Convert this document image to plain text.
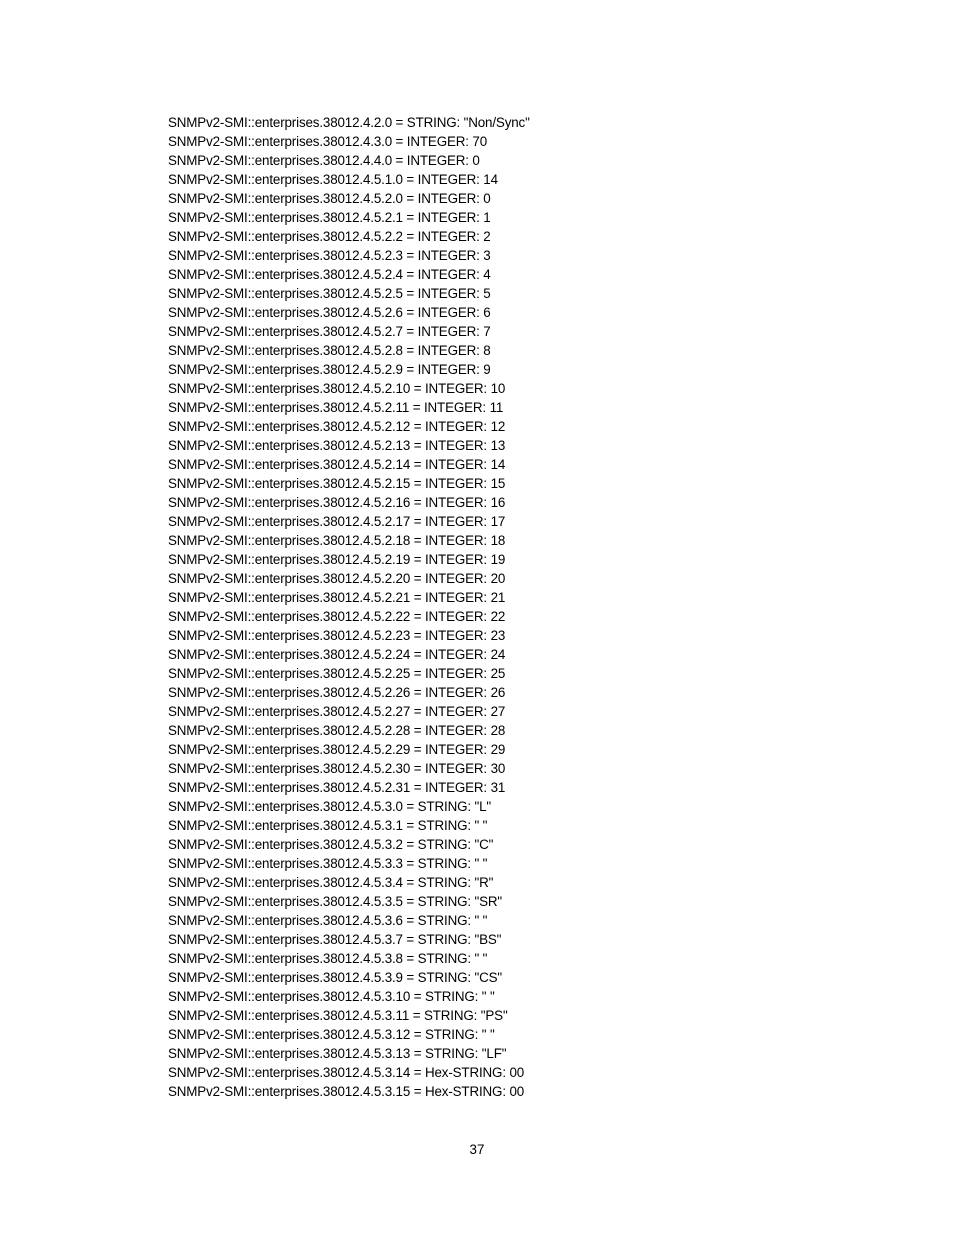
SNMPv2-SMI::enterprises.38012.4.2.0 = STRING: "Non/Sync"
SNMPv2-SMI::enterprises.38012.4.3.0 = INTEGER: 70
SNMPv2-SMI::enterprises.38012.4.4.0 = INTEGER: 0
SNMPv2-SMI::enterprises.38012.4.5.1.0 = INTEGER: 14
SNMPv2-SMI::enterprises.38012.4.5.2.0 = INTEGER: 0
SNMPv2-SMI::enterprises.38012.4.5.2.1 = INTEGER: 1
SNMPv2-SMI::enterprises.38012.4.5.2.2 = INTEGER: 2
SNMPv2-SMI::enterprises.38012.4.5.2.3 = INTEGER: 3
SNMPv2-SMI::enterprises.38012.4.5.2.4 = INTEGER: 4
SNMPv2-SMI::enterprises.38012.4.5.2.5 = INTEGER: 5
SNMPv2-SMI::enterprises.38012.4.5.2.6 = INTEGER: 6
SNMPv2-SMI::enterprises.38012.4.5.2.7 = INTEGER: 7
SNMPv2-SMI::enterprises.38012.4.5.2.8 = INTEGER: 8
SNMPv2-SMI::enterprises.38012.4.5.2.9 = INTEGER: 9
SNMPv2-SMI::enterprises.38012.4.5.2.10 = INTEGER: 10
SNMPv2-SMI::enterprises.38012.4.5.2.11 = INTEGER: 11
SNMPv2-SMI::enterprises.38012.4.5.2.12 = INTEGER: 12
SNMPv2-SMI::enterprises.38012.4.5.2.13 = INTEGER: 13
SNMPv2-SMI::enterprises.38012.4.5.2.14 = INTEGER: 14
SNMPv2-SMI::enterprises.38012.4.5.2.15 = INTEGER: 15
SNMPv2-SMI::enterprises.38012.4.5.2.16 = INTEGER: 16
SNMPv2-SMI::enterprises.38012.4.5.2.17 = INTEGER: 17
SNMPv2-SMI::enterprises.38012.4.5.2.18 = INTEGER: 18
SNMPv2-SMI::enterprises.38012.4.5.2.19 = INTEGER: 19
SNMPv2-SMI::enterprises.38012.4.5.2.20 = INTEGER: 20
SNMPv2-SMI::enterprises.38012.4.5.2.21 = INTEGER: 21
SNMPv2-SMI::enterprises.38012.4.5.2.22 = INTEGER: 22
SNMPv2-SMI::enterprises.38012.4.5.2.23 = INTEGER: 23
SNMPv2-SMI::enterprises.38012.4.5.2.24 = INTEGER: 24
SNMPv2-SMI::enterprises.38012.4.5.2.25 = INTEGER: 25
SNMPv2-SMI::enterprises.38012.4.5.2.26 = INTEGER: 26
SNMPv2-SMI::enterprises.38012.4.5.2.27 = INTEGER: 27
SNMPv2-SMI::enterprises.38012.4.5.2.28 = INTEGER: 28
SNMPv2-SMI::enterprises.38012.4.5.2.29 = INTEGER: 29
SNMPv2-SMI::enterprises.38012.4.5.2.30 = INTEGER: 30
SNMPv2-SMI::enterprises.38012.4.5.2.31 = INTEGER: 31
SNMPv2-SMI::enterprises.38012.4.5.3.0 = STRING: "L"
SNMPv2-SMI::enterprises.38012.4.5.3.1 = STRING: " "
SNMPv2-SMI::enterprises.38012.4.5.3.2 = STRING: "C"
SNMPv2-SMI::enterprises.38012.4.5.3.3 = STRING: " "
SNMPv2-SMI::enterprises.38012.4.5.3.4 = STRING: "R"
SNMPv2-SMI::enterprises.38012.4.5.3.5 = STRING: "SR"
SNMPv2-SMI::enterprises.38012.4.5.3.6 = STRING: " "
SNMPv2-SMI::enterprises.38012.4.5.3.7 = STRING: "BS"
SNMPv2-SMI::enterprises.38012.4.5.3.8 = STRING: " "
SNMPv2-SMI::enterprises.38012.4.5.3.9 = STRING: "CS"
SNMPv2-SMI::enterprises.38012.4.5.3.10 = STRING: " "
SNMPv2-SMI::enterprises.38012.4.5.3.11 = STRING: "PS"
SNMPv2-SMI::enterprises.38012.4.5.3.12 = STRING: " "
SNMPv2-SMI::enterprises.38012.4.5.3.13 = STRING: "LF"
SNMPv2-SMI::enterprises.38012.4.5.3.14 = Hex-STRING: 00
SNMPv2-SMI::enterprises.38012.4.5.3.15 = Hex-STRING: 00
37
